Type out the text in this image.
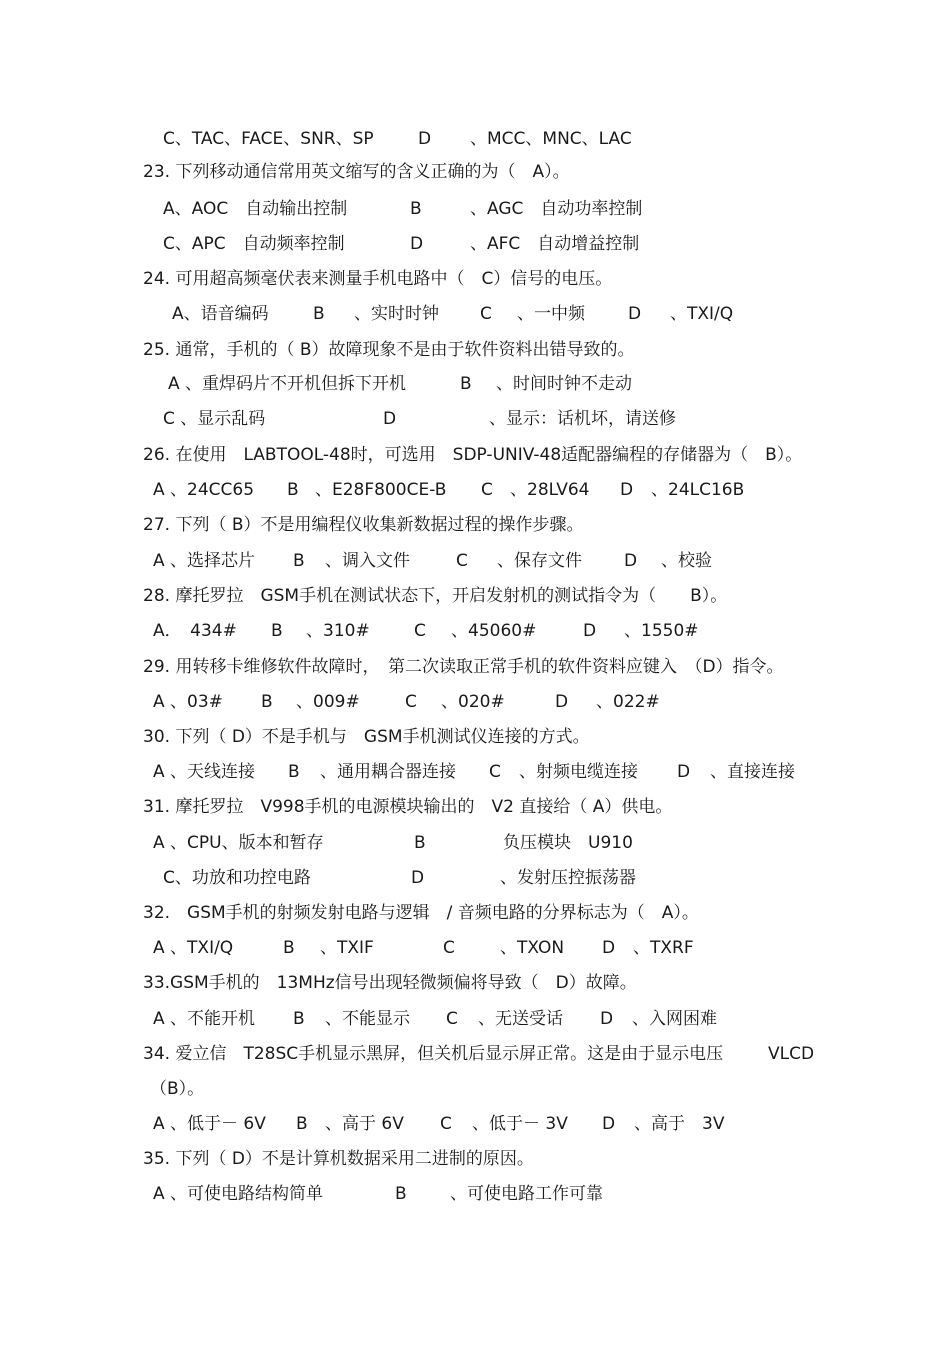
C、TAC、FACE、SNR、SP	D 、MCC、MNC、LAC
23. 下列移动通信常用英文缩写的含义正确的为（　A）。
A、AOC　自动输出控制	B	、AGC　自动功率控制
C、APC　自动频率控制	D	、AFC　自动增益控制
24. 可用超高频毫伏表来测量手机电路中（　C）信号的电压。
A、语音编码	B 、实时时钟 C 、一中频	D 、TXI/Q
25. 通常，手机的（ B）故障现象不是由于软件资料出错导致的。
A 、重焊码片不开机但拆下开机	B 、时间时钟不走动
C 、显示乱码	D	、显示：话机坏，请送修
26. 在使用　LABTOOL-48时，可选用　SDP-UNIV-48适配器编程的存储器为（　B）。
A 、24CC65 B 、E28F800CE-B C 、28LV64 D 、24LC16B
27. 下列（ B）不是用编程仪收集新数据过程的操作步骤。
A 、选择芯片 B 、调入文件	C 、保存文件 D 、校验
28. 摩托罗拉　GSM手机在测试状态下，开启发射机的测试指令为（　　B）。
A．　434# B 、310#	C 、45060#	D 、1550#
29. 用转移卡维修软件故障时，　第二次读取正常手机的软件资料应键入　（D）指令。
A 、03# B 、009#	C 、020#	D 、022#
30. 下列（ D）不是手机与　GSM手机测试仪连接的方式。
A 、天线连接 B 、通用耦合器连接 C 、射频电缆连接 D 、直接连接
31. 摩托罗拉　V998手机的电源模块输出的　V2 直接给（ A）供电。
A 、CPU、版本和暂存	B	负压模块　U910
C、功放和功控电路	D	、发射压控振荡器
32.　GSM手机的射频发射电路与逻辑　/ 音频电路的分界标志为（　A）。
A 、TXI/Q	B 、TXIF	C	、TXON D 、TXRF
33.GSM手机的　13MHz信号出现轻微频偏将导致（　D）故障。
A 、不能开机 B 、不能显示 C 、无送受话 D 、入网困难
34. 爱立信　T28SC手机显示黑屏，但关机后显示屏正常。这是由于显示电压	VLCD
（B）。
A 、低于－ 6V B 、高于 6V C 、低于－ 3V D 、高于　3V
35. 下列（ D）不是计算机数据采用二进制的原因。
A 、可使电路结构简单	B	、可使电路工作可靠
